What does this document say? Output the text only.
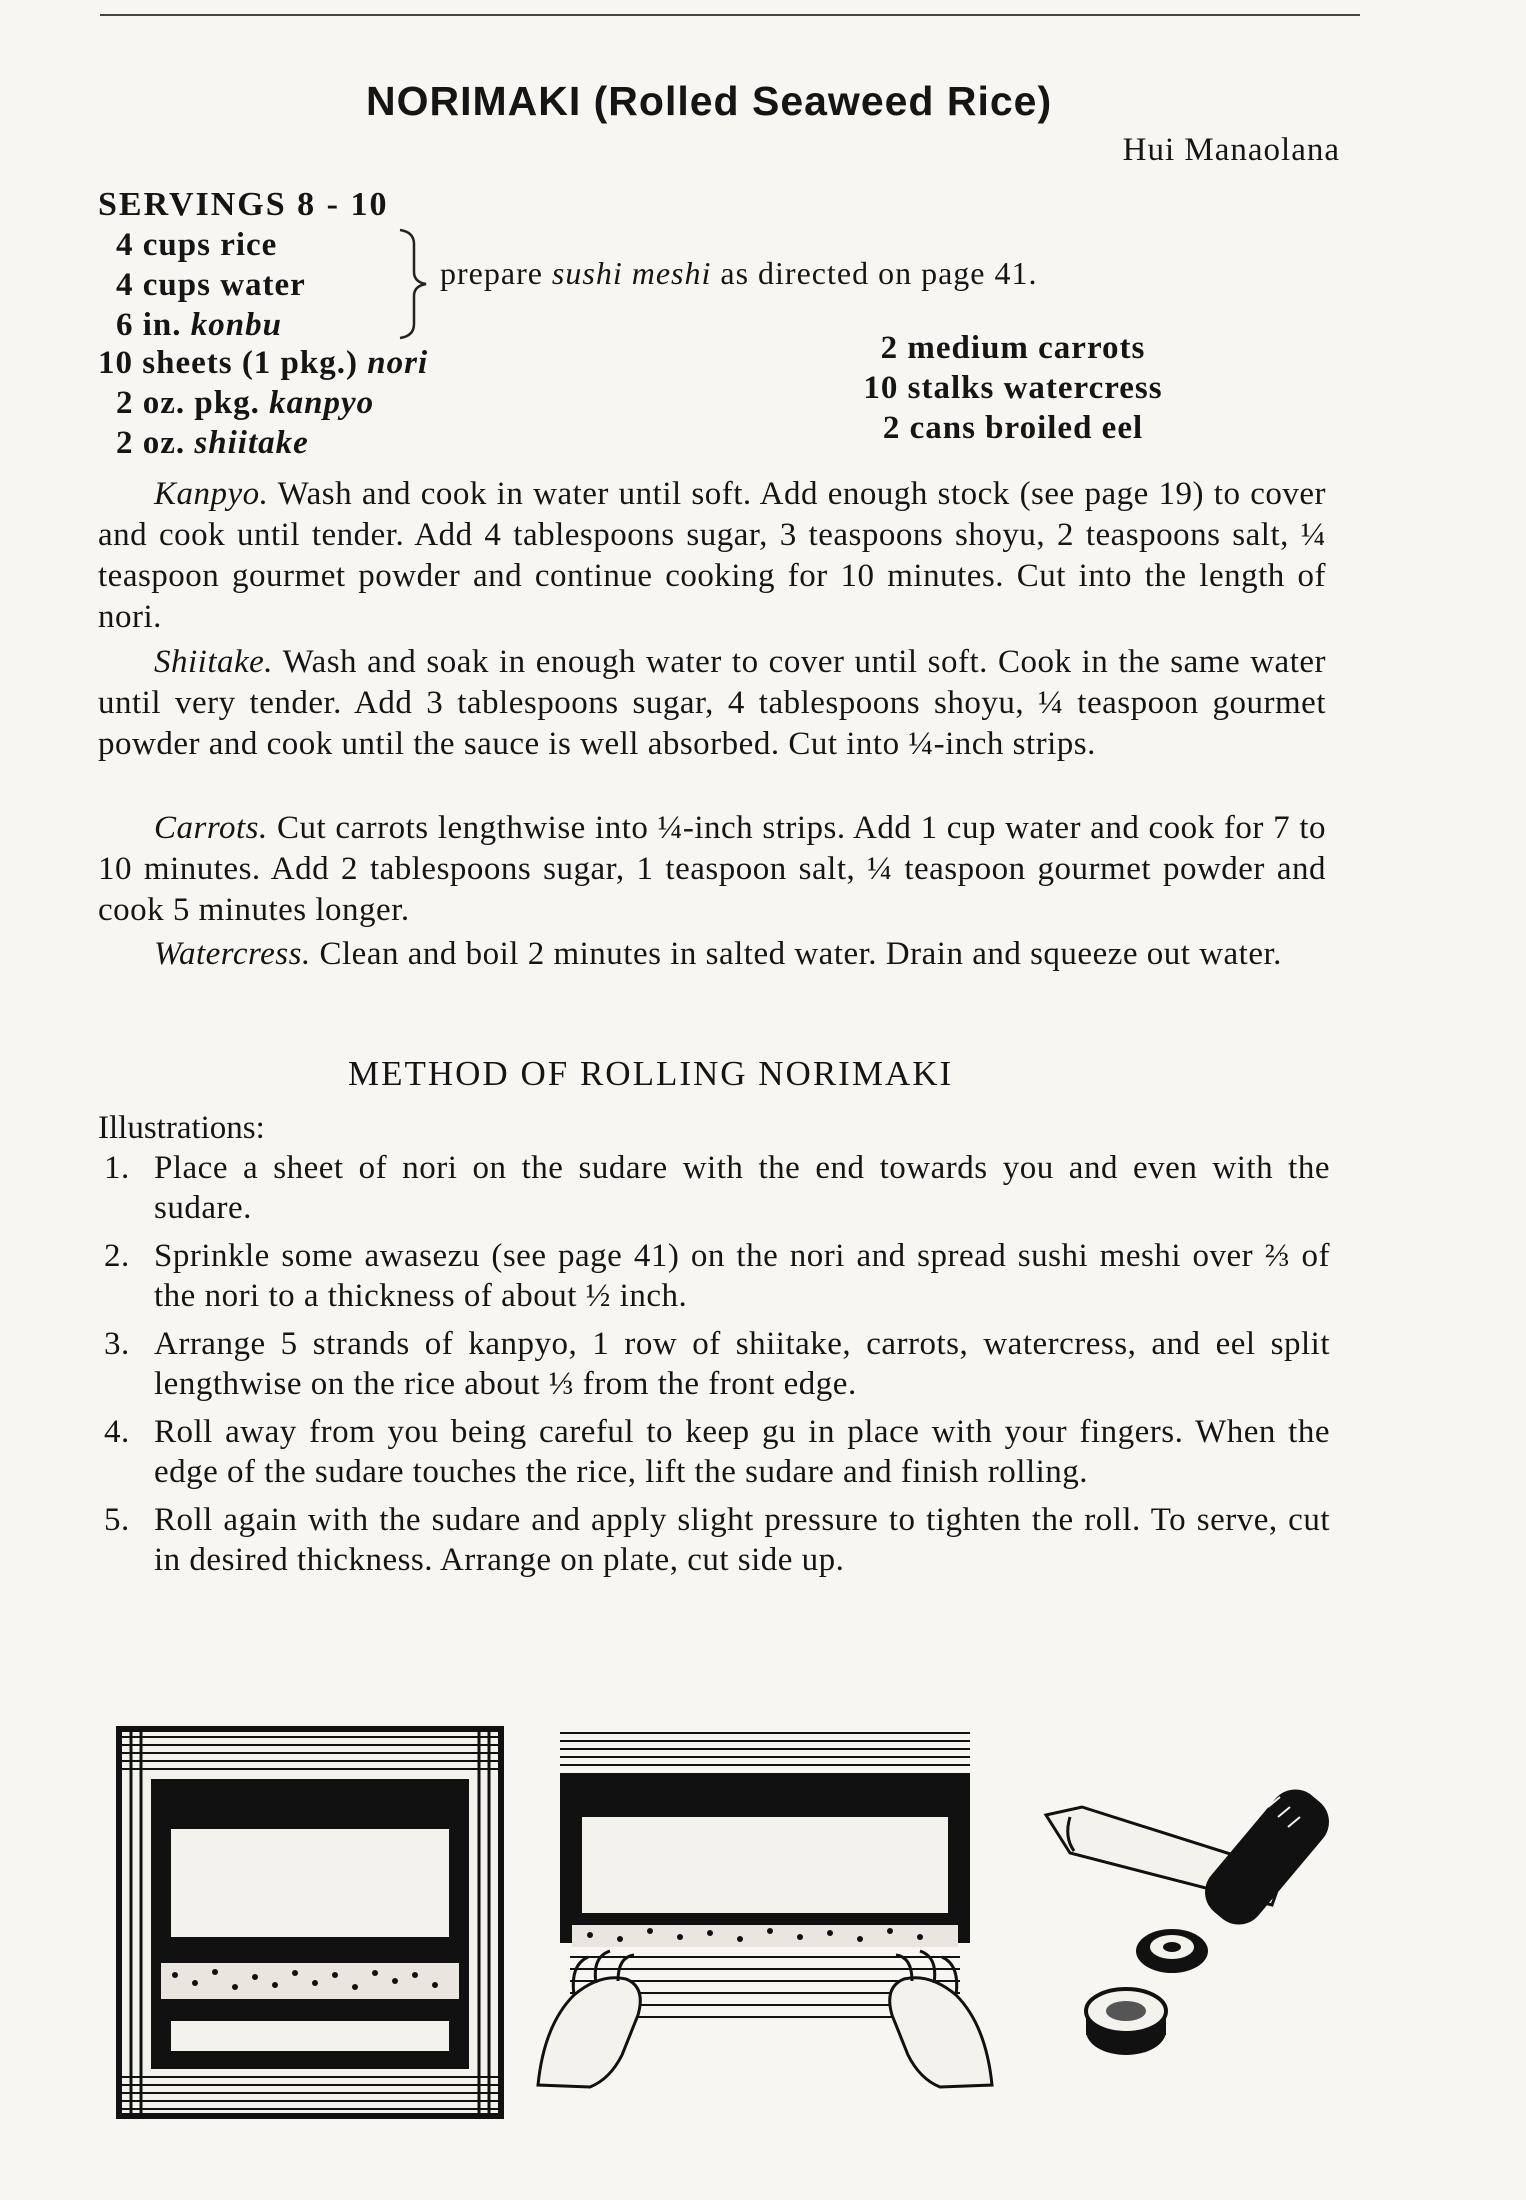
NORIMAKI (Rolled Seaweed Rice)
Hui Manaolana
SERVINGS 8 - 10
4 cups rice
4 cups water
6 in. konbu
10 sheets (1 pkg.) nori
2 oz. pkg. kanpyo
2 oz. shiitake
prepare sushi meshi as directed on page 41.
2 medium carrots
10 stalks watercress
2 cans broiled eel
Kanpyo. Wash and cook in water until soft. Add enough stock (see page 19) to cover and cook until tender. Add 4 tablespoons sugar, 3 teaspoons shoyu, 2 teaspoons salt, ¼ teaspoon gourmet powder and continue cooking for 10 minutes. Cut into the length of nori.
Shiitake. Wash and soak in enough water to cover until soft. Cook in the same water until very tender. Add 3 tablespoons sugar, 4 tablespoons shoyu, ¼ teaspoon gourmet powder and cook until the sauce is well absorbed. Cut into ¼-inch strips.
Carrots. Cut carrots lengthwise into ¼-inch strips. Add 1 cup water and cook for 7 to 10 minutes. Add 2 tablespoons sugar, 1 teaspoon salt, ¼ teaspoon gourmet powder and cook 5 minutes longer.
Watercress. Clean and boil 2 minutes in salted water. Drain and squeeze out water.
METHOD OF ROLLING NORIMAKI
Illustrations:
1. Place a sheet of nori on the sudare with the end towards you and even with the sudare.
2. Sprinkle some awasezu (see page 41) on the nori and spread sushi meshi over ⅔ of the nori to a thickness of about ½ inch.
3. Arrange 5 strands of kanpyo, 1 row of shiitake, carrots, watercress, and eel split lengthwise on the rice about ⅓ from the front edge.
4. Roll away from you being careful to keep gu in place with your fingers. When the edge of the sudare touches the rice, lift the sudare and finish rolling.
5. Roll again with the sudare and apply slight pressure to tighten the roll. To serve, cut in desired thickness. Arrange on plate, cut side up.
